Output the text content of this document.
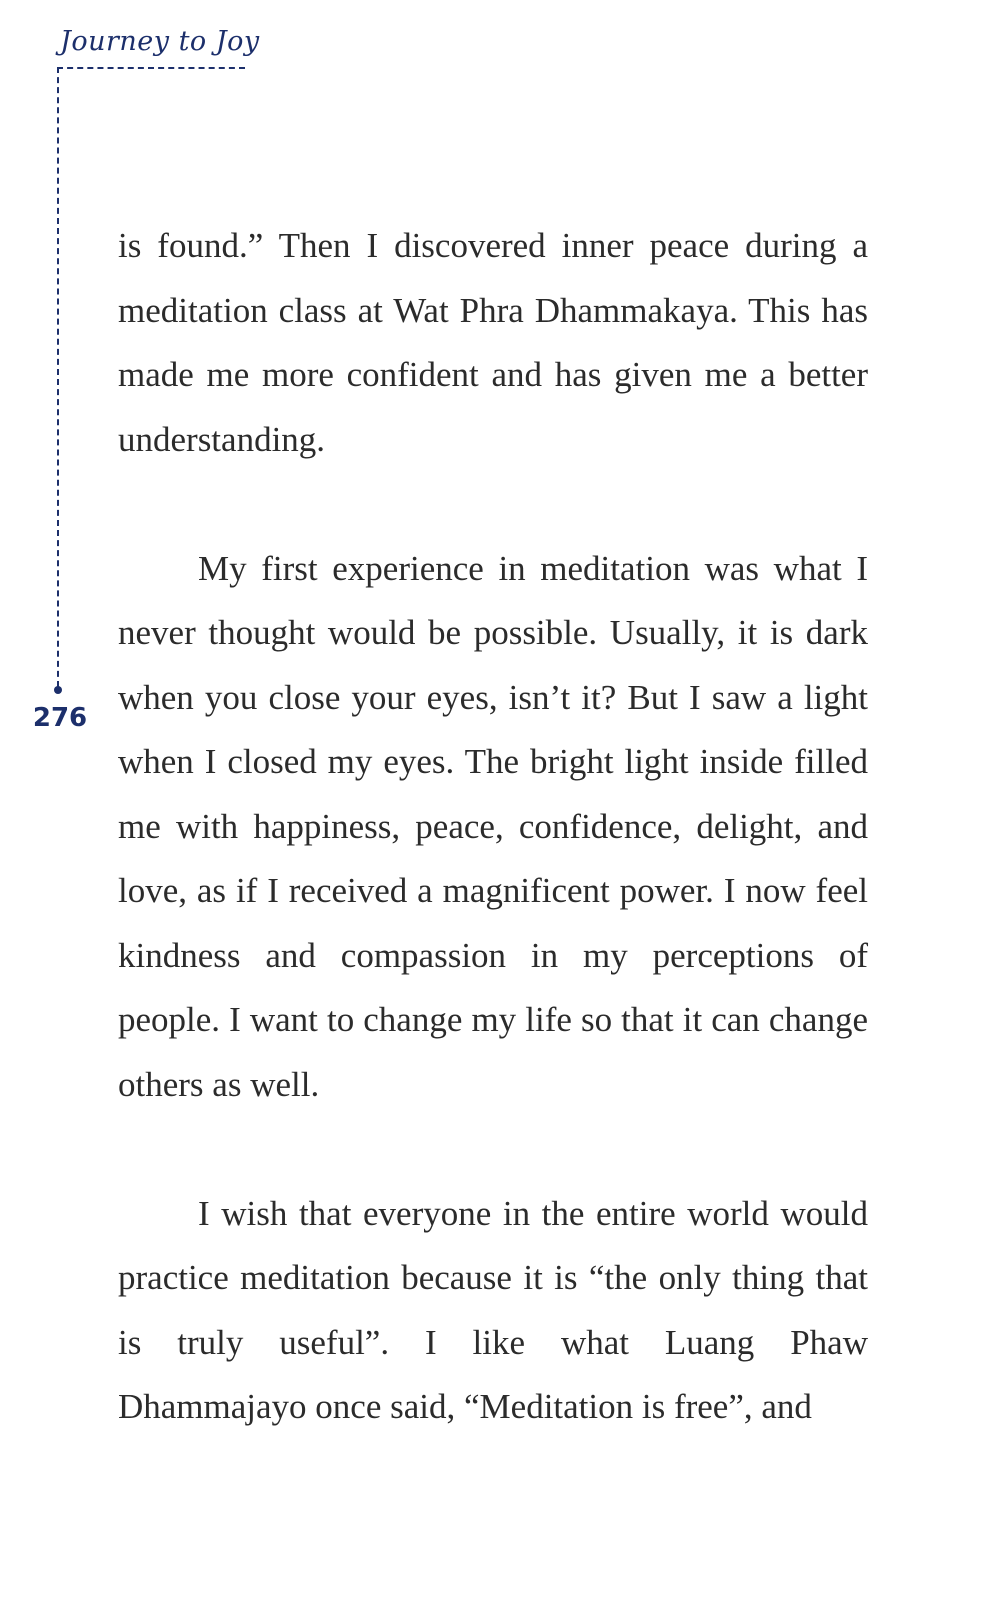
Journey to Joy
276

is found.” Then I discovered inner peace during a meditation class at Wat Phra Dhammakaya. This has made me more confident and has given me a better understanding.

My first experience in meditation was what I never thought would be possible. Usually, it is dark when you close your eyes, isn’t it? But I saw a light when I closed my eyes. The bright light inside filled me with happiness, peace, confidence, delight, and love, as if I received a magnificent power. I now feel kindness and compassion in my perceptions of people. I want to change my life so that it can change others as well.

I wish that everyone in the entire world would practice meditation because it is “the only thing that is truly useful”. I like what Luang Phaw Dhammajayo once said, “Meditation is free”, and
